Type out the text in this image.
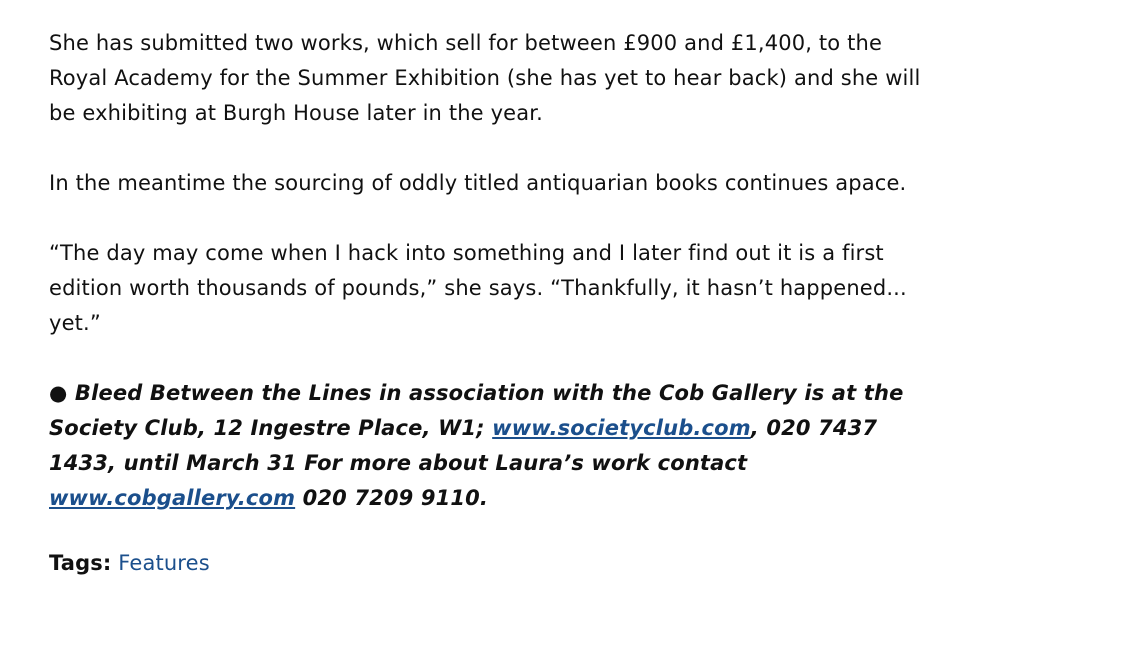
She has submitted two works, which sell for between £900 and £1,400, to the Royal Academy for the Summer Exhibition (she has yet to hear back) and she will be exhibiting at Burgh House later in the year.

In the meantime the sourcing of oddly titled antiquarian books continues apace.

“The day may come when I hack into something and I later find out it is a first edition worth thousands of pounds,” she says. “Thankfully, it hasn’t happened... yet.”

● Bleed Between the Lines in association with the Cob Gallery is at the Society Club, 12 Ingestre Place, W1; www.societyclub.com, 020 7437 1433, until March 31 For more about Laura’s work contact www.cobgallery.com 020 7209 9110.

Tags: Features
